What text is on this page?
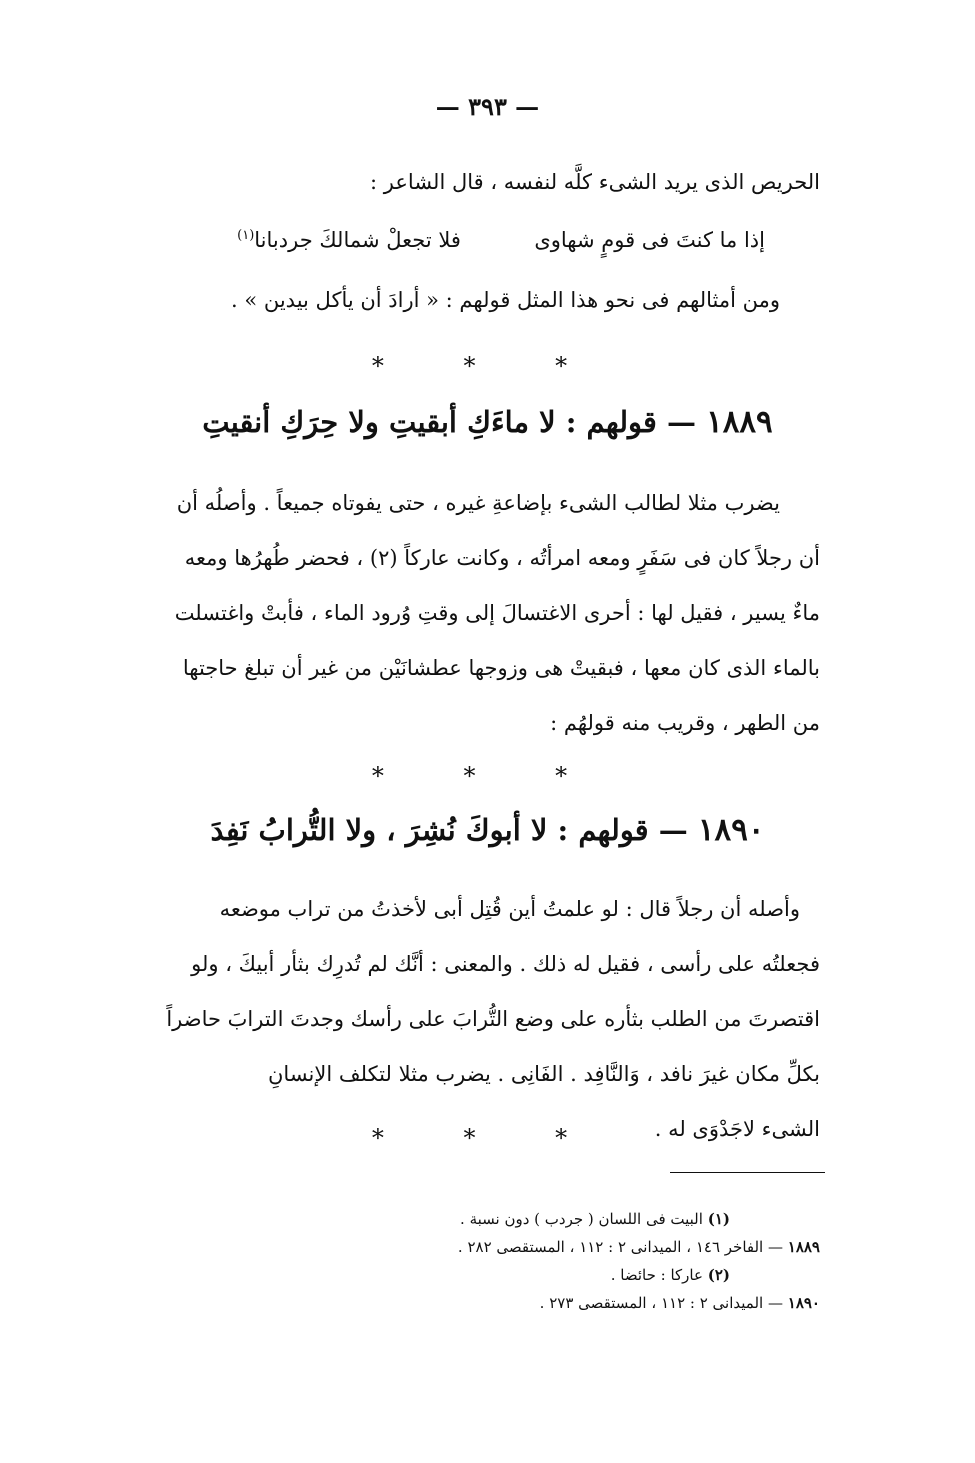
— ٣٩٣ —
الحريص الذى يريد الشىء كلَّه لنفسه ، قال الشاعر :
إذا ما كنتَ فى قومٍ شهاوى  فلا تجعلْ شمالكَ جردبانا$^{(١)}$
ومن أمثالهم فى نحو هذا المثل قولهم : « أرادَ أن يأكل بيدين » .
* * *
١٨٨٩ — قولهم : لا ماءَكِ أبقيتِ ولا حِرَكِ أنقيتِ

يضرب مثلا لطالب الشىء بإضاعةِ غيره ، حتى يفوتاه جميعاً . وأصلُه أن

أن رجلاً كان فى سَفَرٍ ومعه امرأتُه ، وكانت عاركاً (٢) ، فحضر طُهرُها ومعه

ماءٌ يسير ، فقيل لها : أحرى الاغتسالَ إلى وقتِ وُرود الماء ، فأبتْ واغتسلت

بالماء الذى كان معها ، فبقيتْ هى وزوجها عطشانَيْن من غير أن تبلغ حاجتها

من الطهر ، وقريب منه قولهُم :

* * *
١٨٩٠ — قولهم : لا أبوكَ نُشِرَ ، ولا التُّرابُ نَفِدَ

وأصله أن رجلاً قال : لو علمتُ أين قُتِل أبى لأخذتُ من تراب موضعه

فجعلتُه على رأسى ، فقيل له ذلك . والمعنى : أنَّك لم تُدرِك بثأر أبيكَ ، ولو

اقتصرتَ من الطلب بثأره على وضع التُّرابَ على رأسك وجدتَ الترابَ حاضراً

بكلِّ مكان غيرَ نافد ، وَالنَّافِد . الفَانِى . يضرب مثلا لتكلف الإنسانِ

الشىء لاجَدْوَى له .

* * *
(١) البيت فى اللسان ( جردب ) دون نسبة .
١٨٨٩ — الفاخر ١٤٦ ، الميدانى ٢ : ١١٢ ، المستقصى ٢٨٢ .
(٢) عاركا : حائضا .
١٨٩٠ — الميدانى ٢ : ١١٢ ، المستقصى ٢٧٣ .
